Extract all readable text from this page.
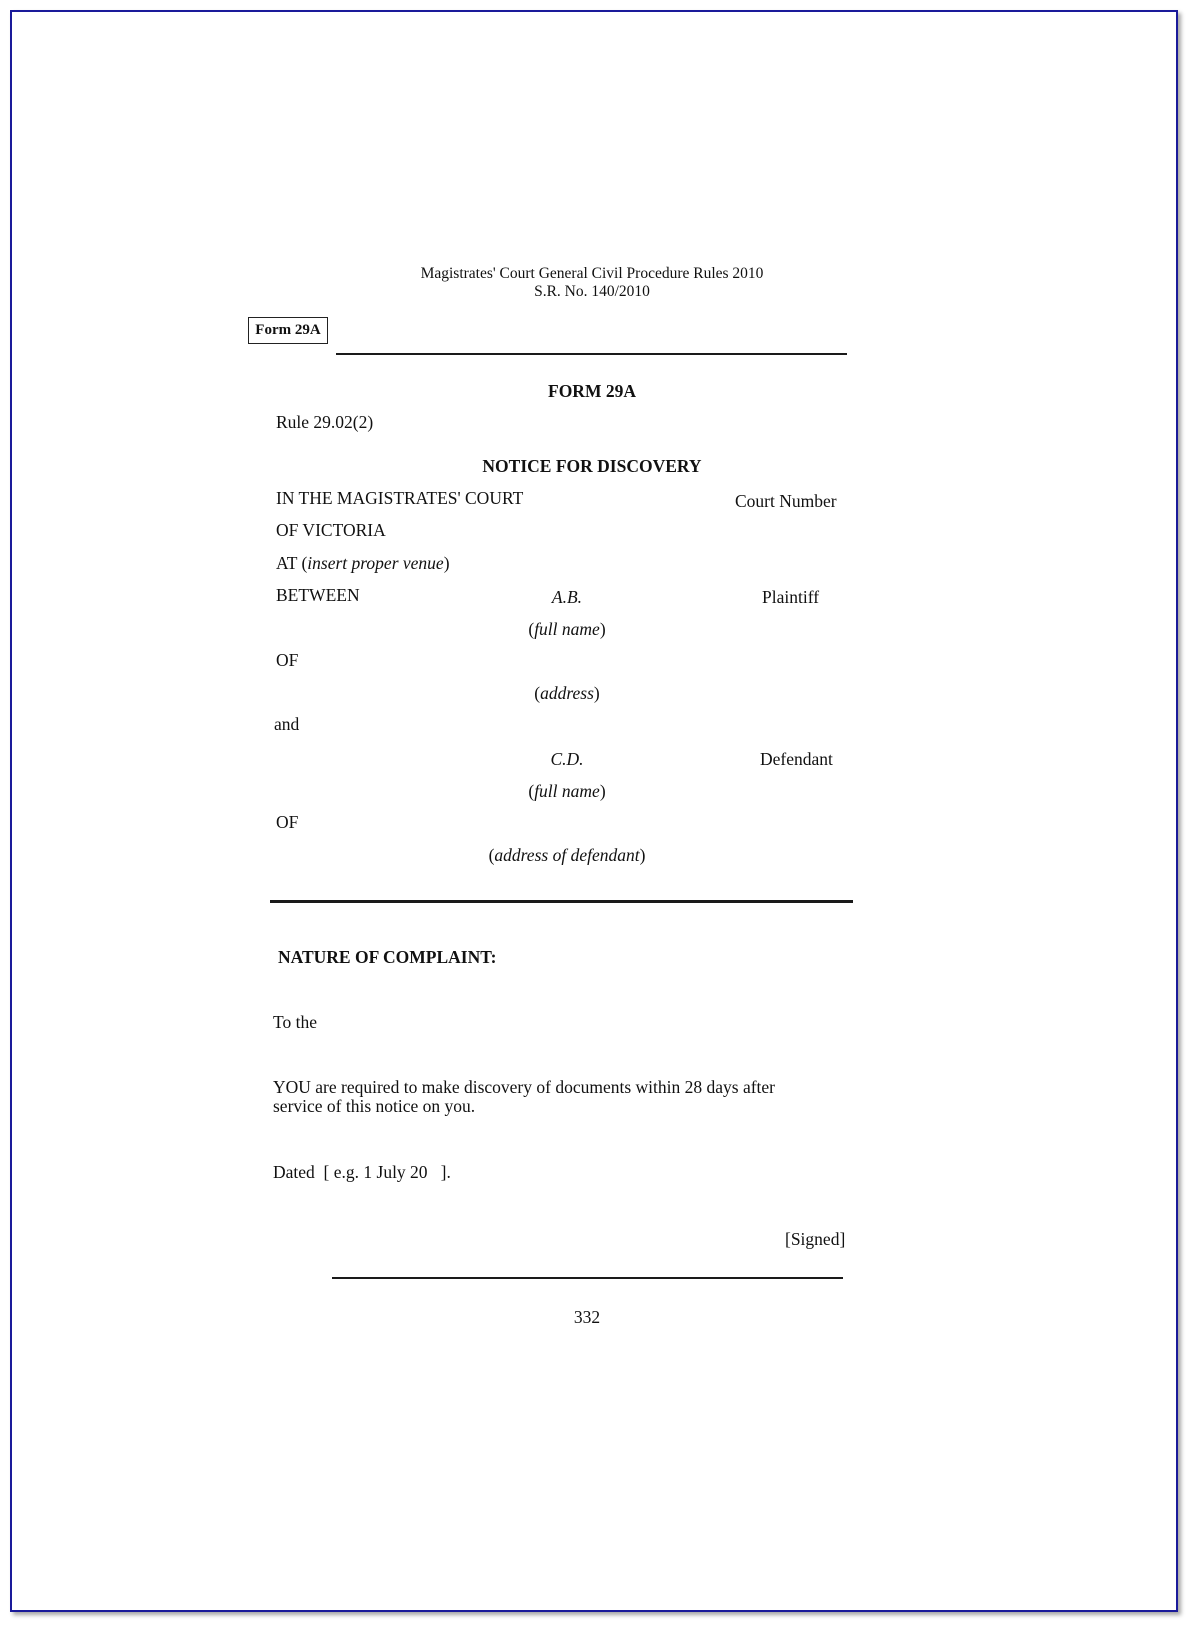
Magistrates' Court General Civil Procedure Rules 2010
S.R. No. 140/2010
Form 29A
FORM 29A
Rule 29.02(2)
NOTICE FOR DISCOVERY
IN THE MAGISTRATES' COURT	Court Number
OF VICTORIA
AT (insert proper venue)
BETWEEN	A.B.	Plaintiff
(full name)
OF
(address)
and
C.D.	Defendant
(full name)
OF
(address of defendant)
NATURE OF COMPLAINT:
To the
YOU are required to make discovery of documents within 28 days after
service of this notice on you.
Dated  [ e.g. 1 July 20   ].
[Signed]
332
